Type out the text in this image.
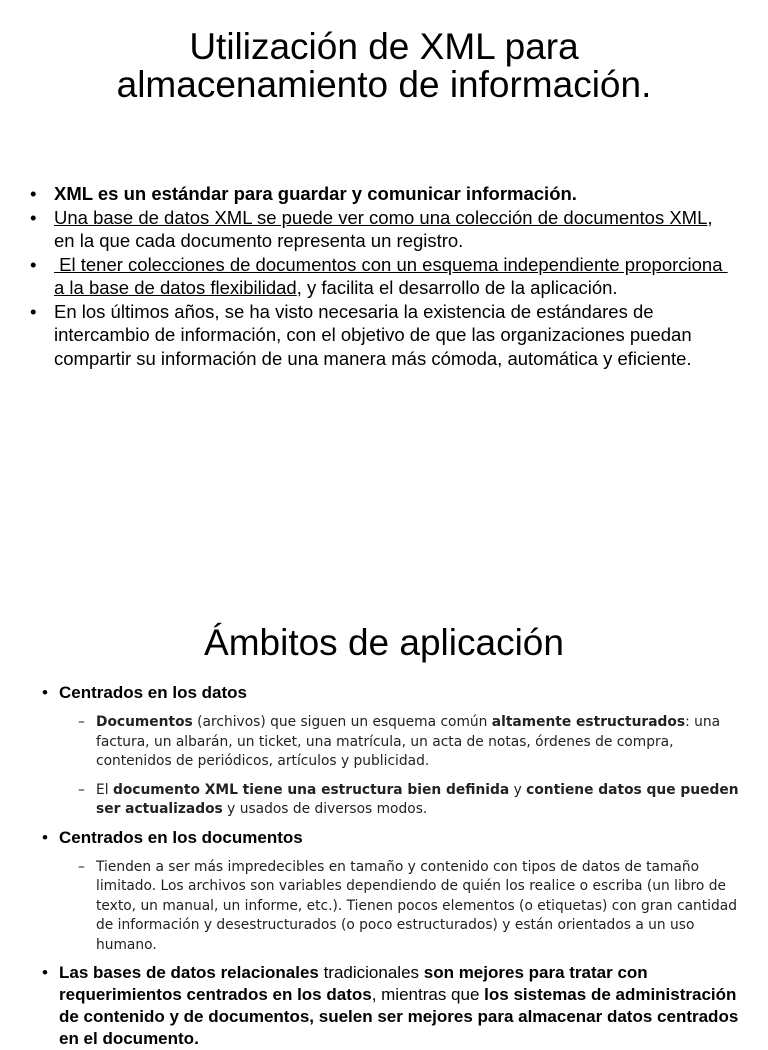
Utilización de XML para
almacenamiento de información.
• XML es un estándar para guardar y comunicar información.
• Una base de datos XML se puede ver como una colección de documentos XML, en la que cada documento representa un registro.
•  El tener colecciones de documentos con un esquema independiente proporciona a la base de datos flexibilidad, y facilita el desarrollo de la aplicación.
• En los últimos años, se ha visto necesaria la existencia de estándares de intercambio de información, con el objetivo de que las organizaciones puedan compartir su información de una manera más cómoda, automática y eficiente.
Ámbitos de aplicación
• Centrados en los datos
– Documentos (archivos) que siguen un esquema común altamente estructurados: una factura, un albarán, un ticket, una matrícula, un acta de notas, órdenes de compra, contenidos de periódicos, artículos y publicidad.
– El documento XML tiene una estructura bien definida y contiene datos que pueden ser actualizados y usados de diversos modos.
• Centrados en los documentos
– Tienden a ser más impredecibles en tamaño y contenido con tipos de datos de tamaño limitado. Los archivos son variables dependiendo de quién los realice o escriba (un libro de texto, un manual, un informe, etc.). Tienen pocos elementos (o etiquetas) con gran cantidad de información y desestructurados (o poco estructurados) y están orientados a un uso humano.
• Las bases de datos relacionales tradicionales son mejores para tratar con requerimientos centrados en los datos, mientras que los sistemas de administración de contenido y de documentos, suelen ser mejores para almacenar datos centrados en el documento.
